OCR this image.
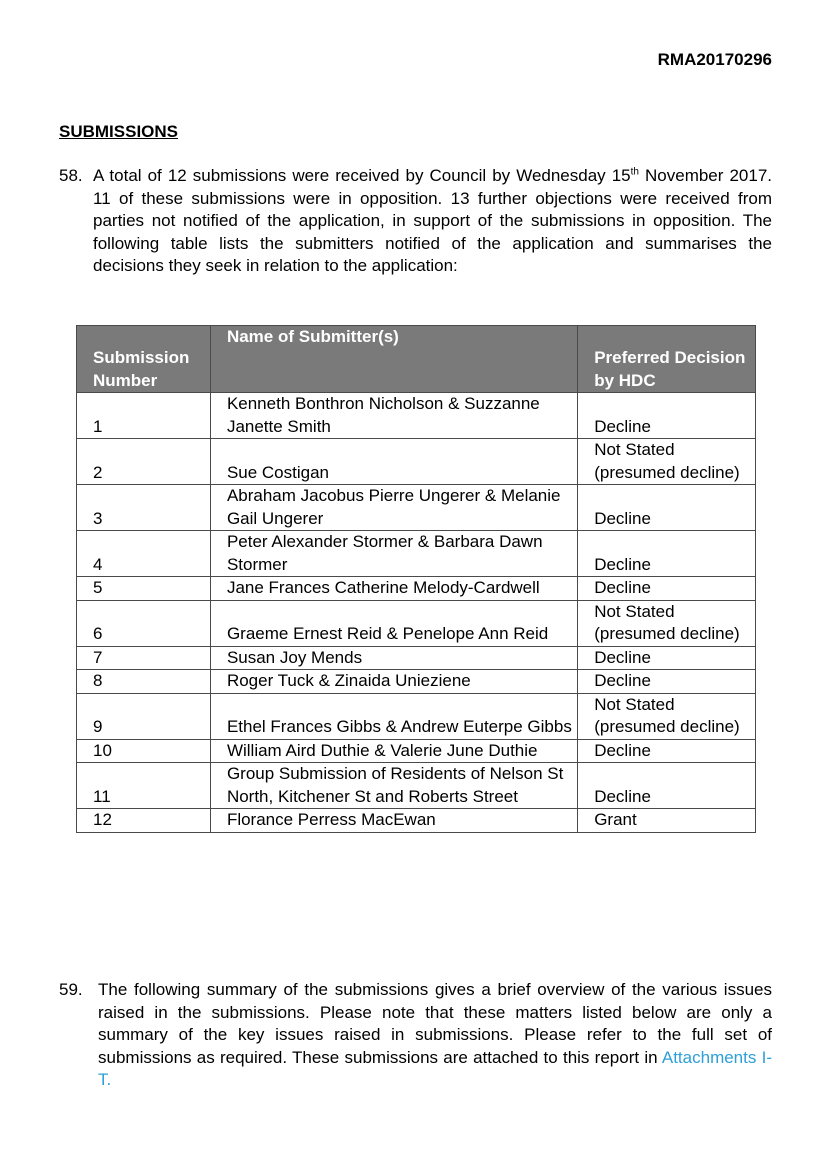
RMA20170296
SUBMISSIONS
58. A total of 12 submissions were received by Council by Wednesday 15th November 2017. 11 of these submissions were in opposition. 13 further objections were received from parties not notified of the application, in support of the submissions in opposition. The following table lists the submitters notified of the application and summarises the decisions they seek in relation to the application:
Submission Number	Name of Submitter(s)	Preferred Decision by HDC
1	Kenneth Bonthron Nicholson & Suzzanne Janette Smith	Decline
2	Sue Costigan	Not Stated (presumed decline)
3	Abraham Jacobus Pierre Ungerer & Melanie Gail Ungerer	Decline
4	Peter Alexander Stormer & Barbara Dawn Stormer	Decline
5	Jane Frances Catherine Melody-Cardwell	Decline
6	Graeme Ernest Reid & Penelope Ann Reid	Not Stated (presumed decline)
7	Susan Joy Mends	Decline
8	Roger Tuck & Zinaida Unieziene	Decline
9	Ethel Frances Gibbs & Andrew Euterpe Gibbs	Not Stated (presumed decline)
10	William Aird Duthie & Valerie June Duthie	Decline
11	Group Submission of Residents of Nelson St North, Kitchener St and Roberts Street	Decline
12	Florance Perress MacEwan	Grant
59. The following summary of the submissions gives a brief overview of the various issues raised in the submissions. Please note that these matters listed below are only a summary of the key issues raised in submissions. Please refer to the full set of submissions as required. These submissions are attached to this report in Attachments I-T.
